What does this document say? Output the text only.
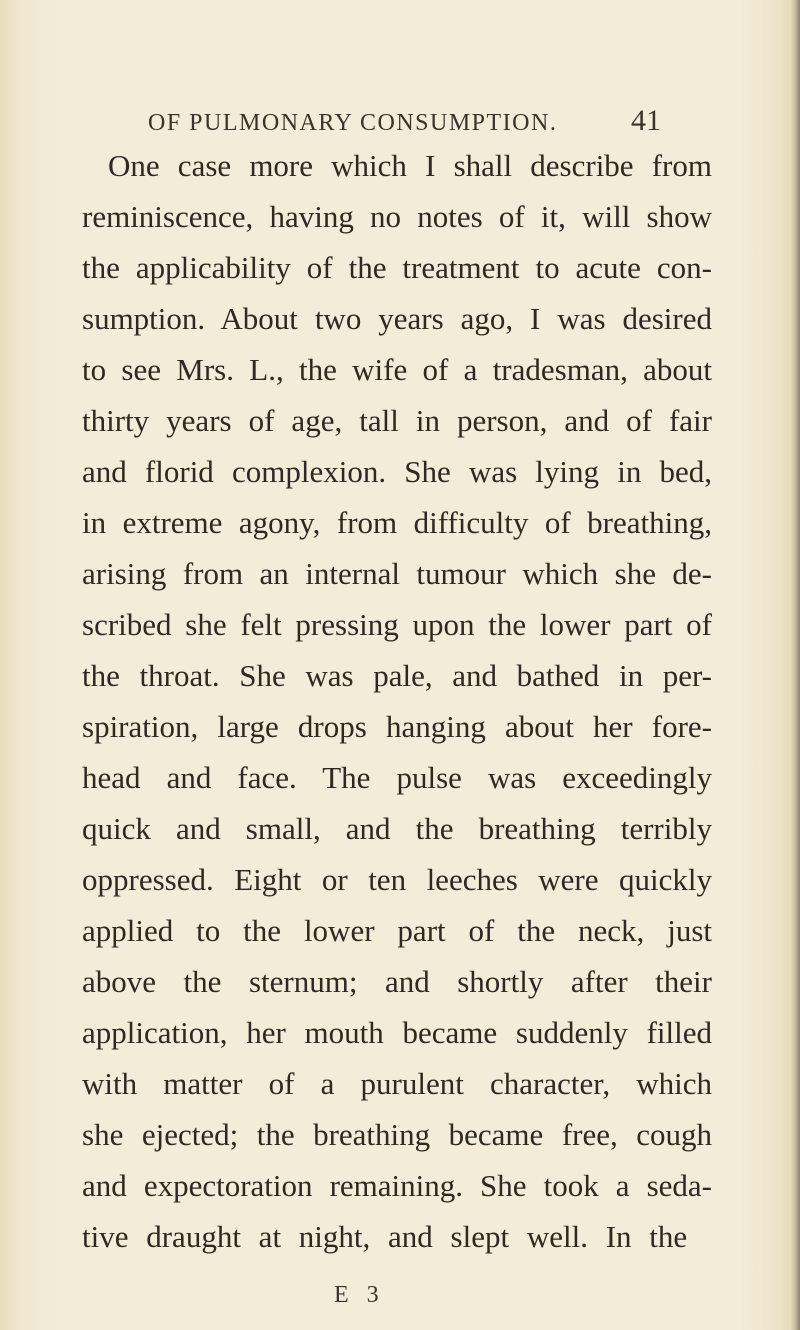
OF PULMONARY CONSUMPTION. 41
One case more which I shall describe from
reminiscence, having no notes of it, will show
the applicability of the treatment to acute con-
sumption. About two years ago, I was desired
to see Mrs. L., the wife of a tradesman, about
thirty years of age, tall in person, and of fair
and florid complexion. She was lying in bed,
in extreme agony, from difficulty of breathing,
arising from an internal tumour which she de-
scribed she felt pressing upon the lower part of
the throat. She was pale, and bathed in per-
spiration, large drops hanging about her fore-
head and face. The pulse was exceedingly
quick and small, and the breathing terribly
oppressed. Eight or ten leeches were quickly
applied to the lower part of the neck, just
above the sternum; and shortly after their
application, her mouth became suddenly filled
with matter of a purulent character, which
she ejected; the breathing became free, cough
and expectoration remaining. She took a seda-
tive draught at night, and slept well. In the
E 3
